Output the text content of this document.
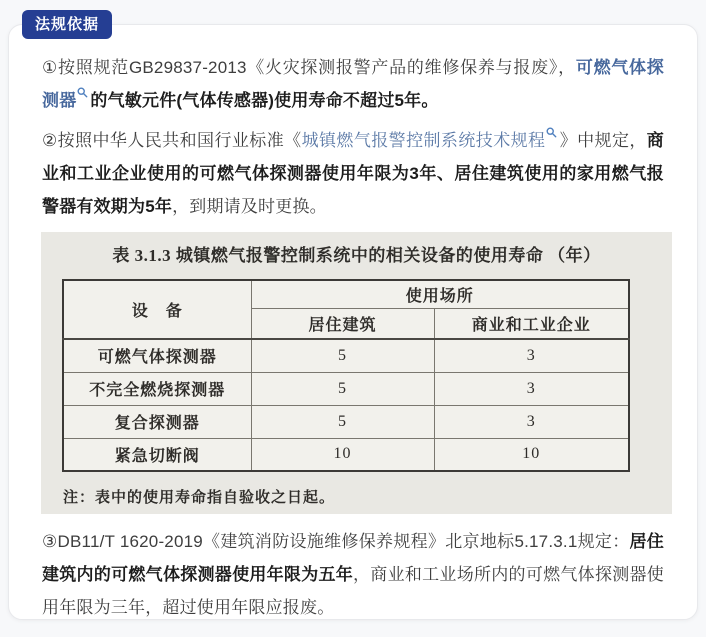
法规依据

①按照规范GB29837-2013《火灾探测报警产品的维修保养与报废》，可燃气体探测器 的气敏元件(气体传感器)使用寿命不超过5年。

②按照中华人民共和国行业标准《城镇燃气报警控制系统技术规程 》中规定，商业和工业企业使用的可燃气体探测器使用年限为3年、居住建筑使用的家用燃气报警器有效期为5年，到期请及时更换。

表 3.1.3 城镇燃气报警控制系统中的相关设备的使用寿命 （年）
设　备	使用场所	
	居住建筑	商业和工业企业
可燃气体探测器	5	3
不完全燃烧探测器	5	3
复合探测器	5	3
紧急切断阀	10	10
注：表中的使用寿命指自验收之日起。

③DB11/T 1620-2019《建筑消防设施维修保养规程》北京地标5.17.3.1规定：居住建筑内的可燃气体探测器使用年限为五年，商业和工业场所内的可燃气体探测器使用年限为三年，超过使用年限应报废。
